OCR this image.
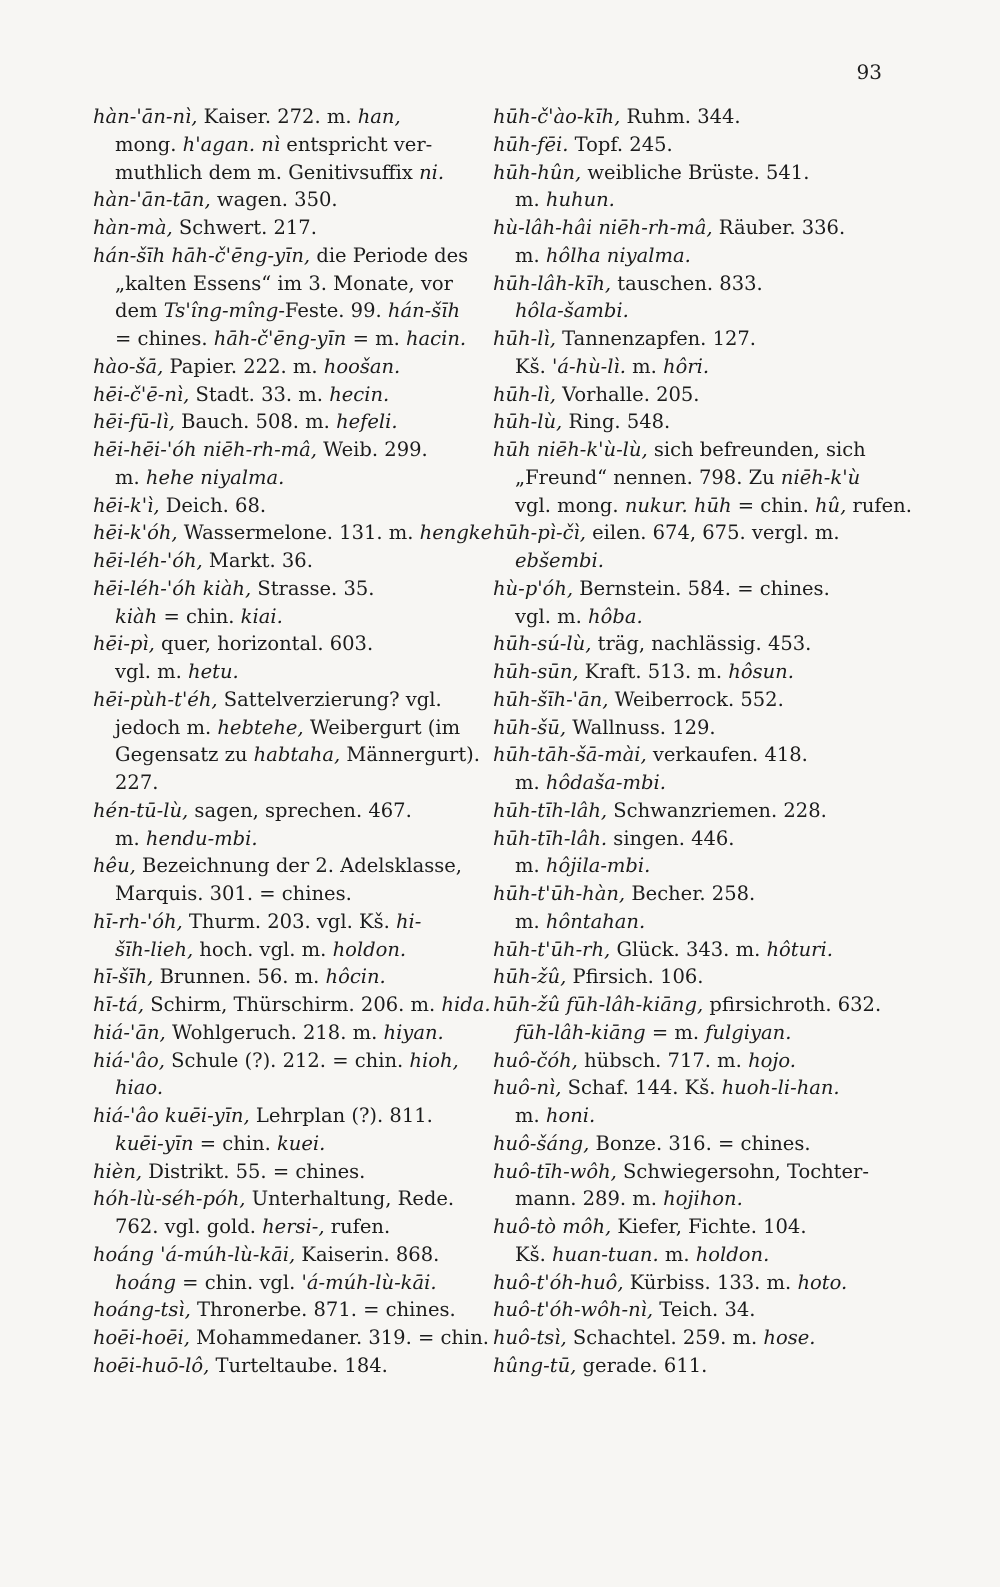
93
hàn-'ān-nì, Kaiser. 272. m. han,
mong. h'agan. nì entspricht ver-
muthlich dem m. Genitivsuffix ni.
hàn-'ān-tān, wagen. 350.
hàn-mà, Schwert. 217.
hán-šīh hāh-č'ēng-yīn, die Periode des
„kalten Essens“ im 3. Monate, vor
dem Ts'îng-mîng-Feste. 99. hán-šīh
= chines. hāh-č'ēng-yīn = m. hacin.
hào-šā, Papier. 222. m. hoošan.
hēi-č'ē-nì, Stadt. 33. m. hecin.
hēi-fū-lì, Bauch. 508. m. hefeli.
hēi-hēi-'óh niēh-rh-mâ, Weib. 299.
m. hehe niyalma.
hēi-k'ì, Deich. 68.
hēi-k'óh, Wassermelone. 131. m. hengke.
hēi-léh-'óh, Markt. 36.
hēi-léh-'óh kiàh, Strasse. 35.
kiàh = chin. kiai.
hēi-pì, quer, horizontal. 603.
vgl. m. hetu.
hēi-pùh-t'éh, Sattelverzierung? vgl.
jedoch m. hebtehe, Weibergurt (im
Gegensatz zu habtaha, Männergurt).
227.
hén-tū-lù, sagen, sprechen. 467.
m. hendu-mbi.
hêu, Bezeichnung der 2. Adelsklasse,
Marquis. 301. = chines.
hī-rh-'óh, Thurm. 203. vgl. Kš. hi-
šīh-lieh, hoch. vgl. m. holdon.
hī-šīh, Brunnen. 56. m. hôcin.
hī-tá, Schirm, Thürschirm. 206. m. hida.
hiá-'ān, Wohlgeruch. 218. m. hiyan.
hiá-'âo, Schule (?). 212. = chin. hioh,
hiao.
hiá-'âo kuēi-yīn, Lehrplan (?). 811.
kuēi-yīn = chin. kuei.
hièn, Distrikt. 55. = chines.
hóh-lù-séh-póh, Unterhaltung, Rede.
762. vgl. gold. hersi-, rufen.
hoáng 'á-múh-lù-kāi, Kaiserin. 868.
hoáng = chin. vgl. 'á-múh-lù-kāi.
hoáng-tsì, Thronerbe. 871. = chines.
hoēi-hoēi, Mohammedaner. 319. = chin.
hoēi-huō-lô, Turteltaube. 184.
hūh-č'ào-kīh, Ruhm. 344.
hūh-fēi. Topf. 245.
hūh-hûn, weibliche Brüste. 541.
m. huhun.
hù-lâh-hâi niēh-rh-mâ, Räuber. 336.
m. hôlha niyalma.
hūh-lâh-kīh, tauschen. 833.
hôla-šambi.
hūh-lì, Tannenzapfen. 127.
Kš. 'á-hù-lì. m. hôri.
hūh-lì, Vorhalle. 205.
hūh-lù, Ring. 548.
hūh niēh-k'ù-lù, sich befreunden, sich
„Freund“ nennen. 798. Zu niēh-k'ù
vgl. mong. nukur. hūh = chin. hû, rufen.
hūh-pì-čì, eilen. 674, 675. vergl. m.
ebšembi.
hù-p'óh, Bernstein. 584. = chines.
vgl. m. hôba.
hūh-sú-lù, träg, nachlässig. 453.
hūh-sūn, Kraft. 513. m. hôsun.
hūh-šīh-'ān, Weiberrock. 552.
hūh-šū, Wallnuss. 129.
hūh-tāh-šā-mài, verkaufen. 418.
m. hôdaša-mbi.
hūh-tīh-lâh, Schwanzriemen. 228.
hūh-tīh-lâh. singen. 446.
m. hôjila-mbi.
hūh-t'ūh-hàn, Becher. 258.
m. hôntahan.
hūh-t'ūh-rh, Glück. 343. m. hôturi.
hūh-žû, Pfirsich. 106.
hūh-žû fūh-lâh-kiāng, pfirsichroth. 632.
fūh-lâh-kiāng = m. fulgiyan.
huô-čóh, hübsch. 717. m. hojo.
huô-nì, Schaf. 144. Kš. huoh-li-han.
m. honi.
huô-šáng, Bonze. 316. = chines.
huô-tīh-wôh, Schwiegersohn, Tochter-
mann. 289. m. hojihon.
huô-tò môh, Kiefer, Fichte. 104.
Kš. huan-tuan. m. holdon.
huô-t'óh-huô, Kürbiss. 133. m. hoto.
huô-t'óh-wôh-nì, Teich. 34.
huô-tsì, Schachtel. 259. m. hose.
hûng-tū, gerade. 611.
